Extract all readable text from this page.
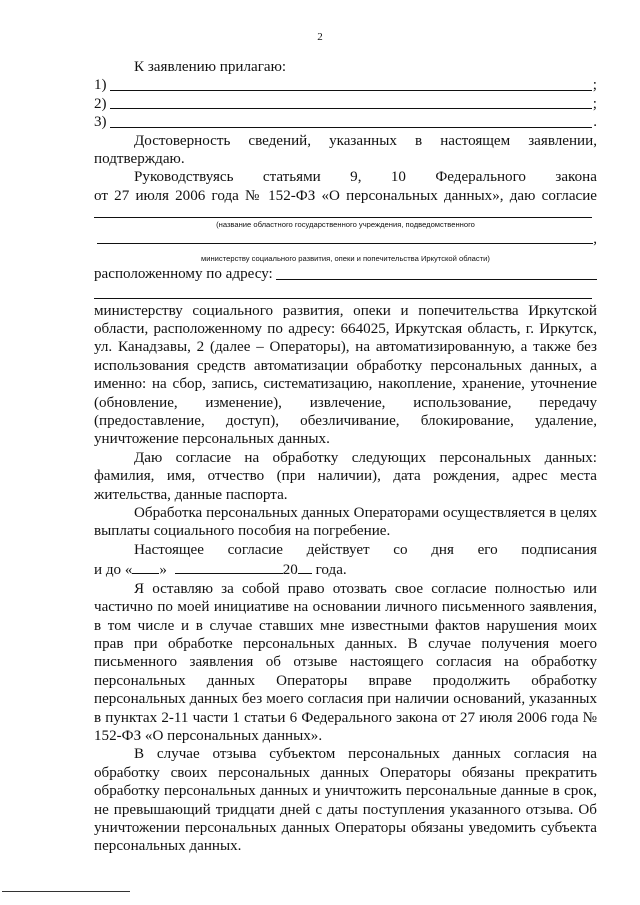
2

К заявлению прилагаю:

1)	;
2)	;
3)	.
Достоверность сведений, указанных в настоящем заявлении,

подтверждаю.

Руководствуясь статьями 9, 10 Федерального закона

от 27 июля 2006 года № 152-ФЗ «О персональных данных», даю согласие

(название областного государственного учреждения, подведомственного
,
министерству социального развития, опеки и попечительства Иркутской области)
расположенному по адресу:

министерству социального развития, опеки и попечительства Иркутской области, расположенному по адресу: 664025, Иркутская область, г. Иркутск, ул. Канадзавы, 2 (далее – Операторы), на автоматизированную, а также без использования средств автоматизации обработку персональных данных, а именно: на сбор, запись, систематизацию, накопление, хранение, уточнение (обновление, изменение), извлечение, использование, передачу (предоставление, доступ), обезличивание, блокирование, удаление, уничтожение персональных данных.

Даю согласие на обработку следующих персональных данных: фамилия, имя, отчество (при наличии), дата рождения, адрес места жительства, данные паспорта.

Обработка персональных данных Операторами осуществляется в целях выплаты социального пособия на погребение.

Настоящее согласие действует со дня его подписания

и до « »	20 года.

Я оставляю за собой право отозвать свое согласие полностью или частично по моей инициативе на основании личного письменного заявления, в том числе и в случае ставших мне известными фактов нарушения моих прав при обработке персональных данных. В случае получения моего письменного заявления об отзыве настоящего согласия на обработку персональных данных Операторы вправе продолжить обработку персональных данных без моего согласия при наличии оснований, указанных в пунктах 2-11 части 1 статьи 6 Федерального закона от 27 июля 2006 года № 152-ФЗ «О персональных данных».

В случае отзыва субъектом персональных данных согласия на обработку своих персональных данных Операторы обязаны прекратить обработку персональных данных и уничтожить персональные данные в срок, не превышающий тридцати дней с даты поступления указанного отзыва. Об уничтожении персональных данных Операторы обязаны уведомить субъекта персональных данных.
